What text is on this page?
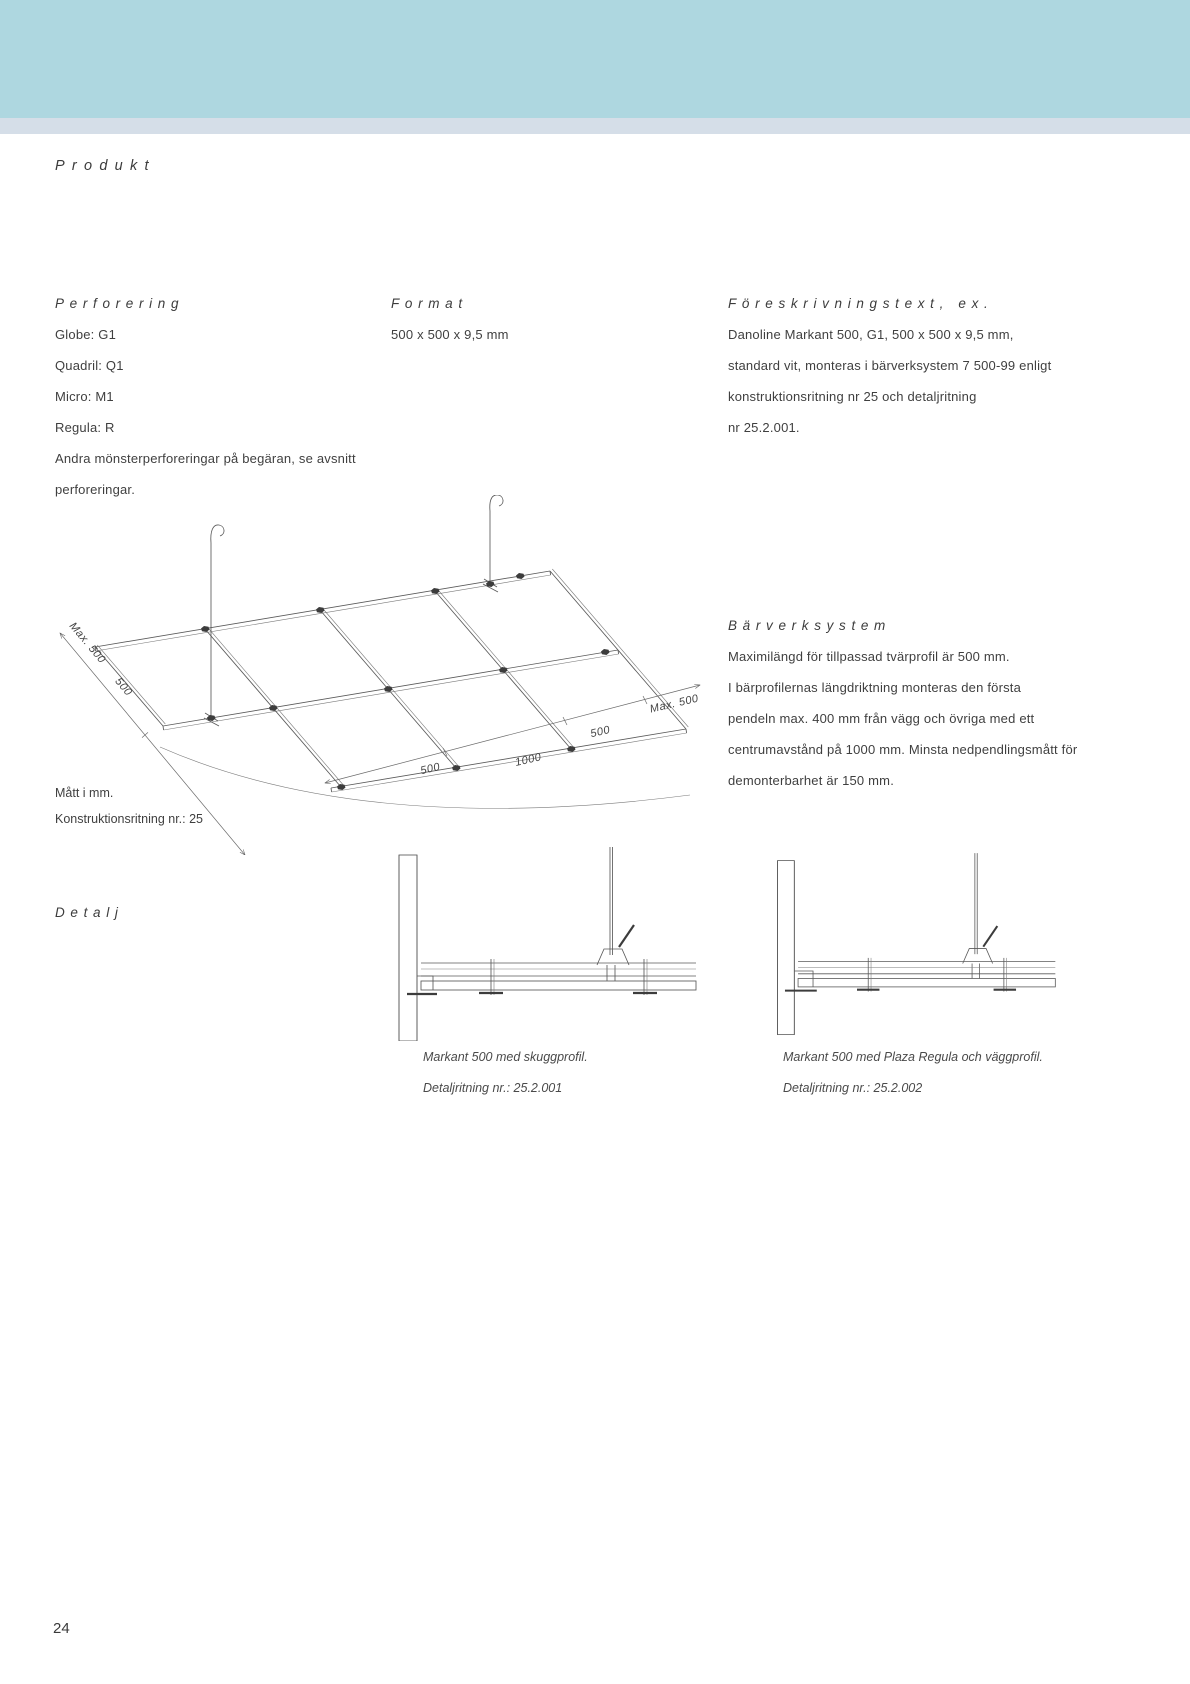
Produkt
Perforering
Globe: G1
Quadril: Q1
Micro: M1
Regula: R
Andra mönsterperforeringar på begäran, se avsnitt
perforeringar.
Format
500 x 500 x 9,5 mm
Föreskrivningstext, ex.
Danoline Markant 500, G1, 500 x 500 x 9,5 mm,
standard vit, monteras i bärverksystem 7 500-99 enligt
konstruktionsritning nr 25 och detaljritning
nr 25.2.001.
Max. 500
500
500
1000
500
Max. 500
Mått i mm.
Konstruktionsritning nr.: 25
Bärverksystem
Maximilängd för tillpassad tvärprofil är 500 mm.
I bärprofilernas längdriktning monteras den första
pendeln max. 400 mm från vägg och övriga med ett
centrumavstånd på 1000 mm. Minsta nedpendlingsmått för
demonterbarhet är 150 mm.
Detalj
Markant 500 med skuggprofil.
Detaljritning nr.: 25.2.001
Markant 500 med Plaza Regula och väggprofil.
Detaljritning nr.: 25.2.002
24
